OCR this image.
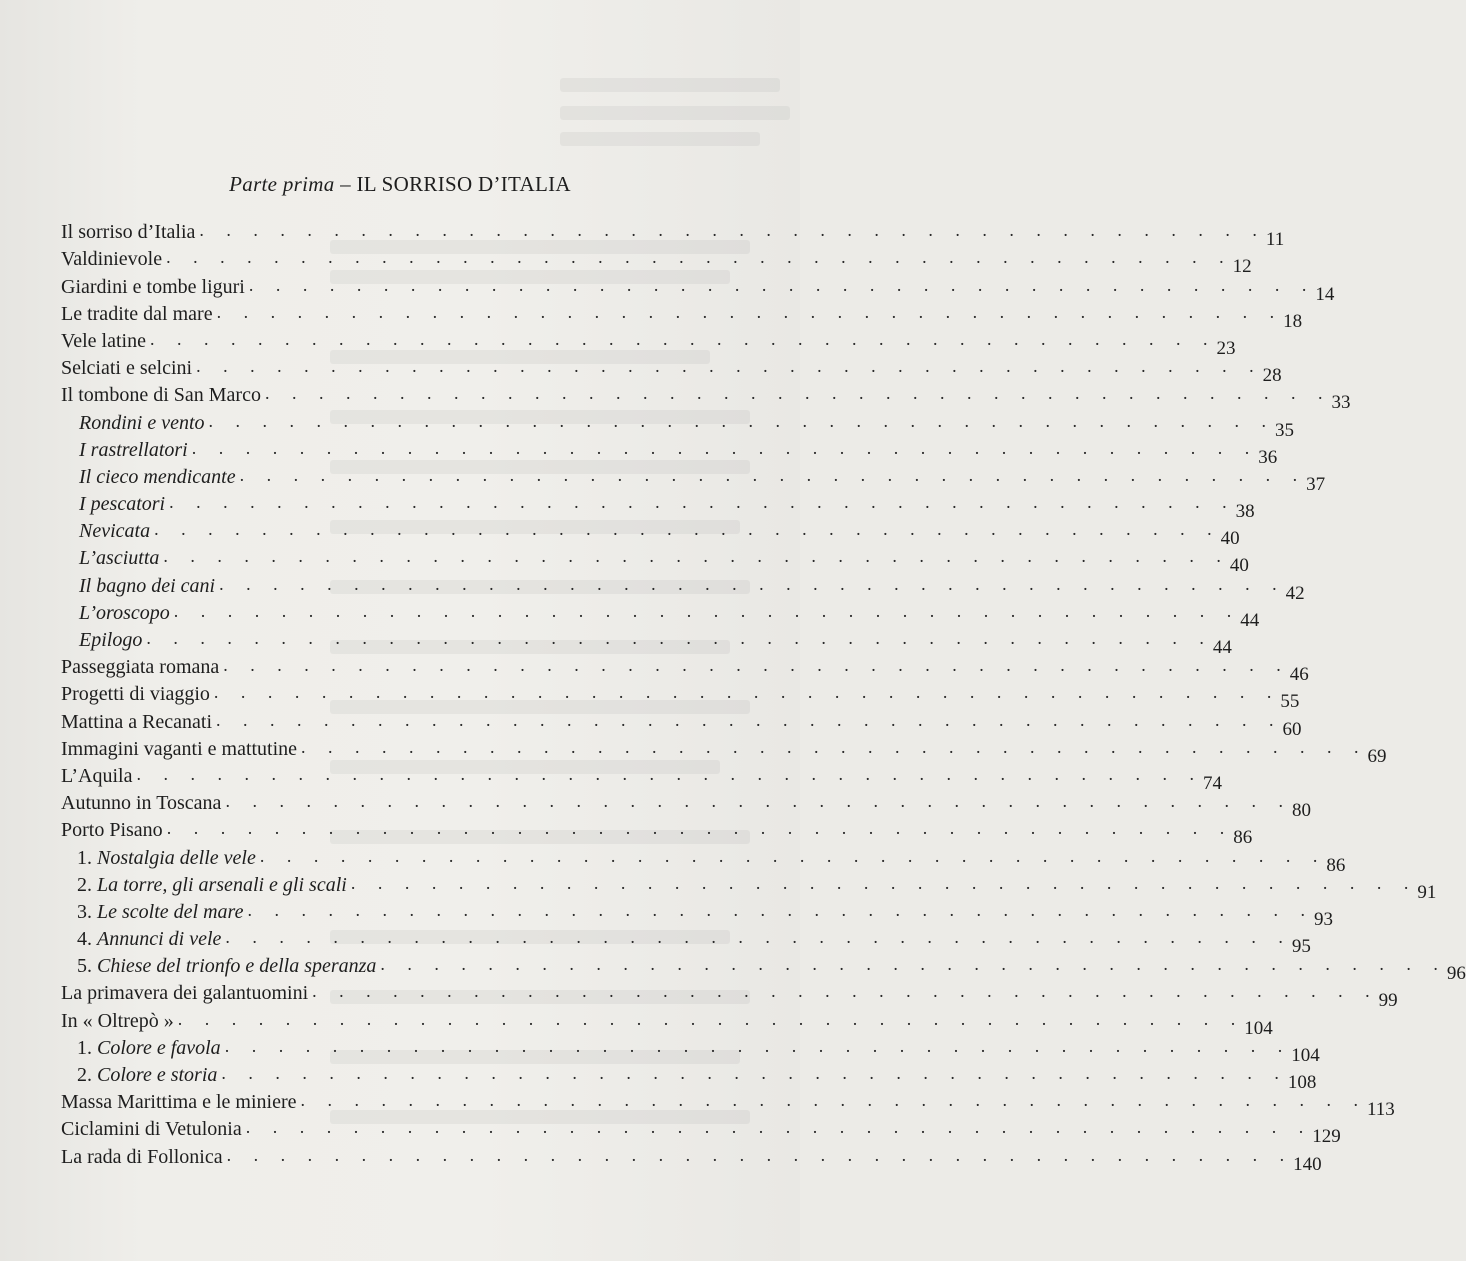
Parte prima – IL SORRISO D’ITALIA
Il sorriso d’Italia . . . . . . . . . . . . . . . . . . . . . . . . . . . . . . . . . . . . . . . . 11
Valdinievole . . . . . . . . . . . . . . . . . . . . . . . . . . . . . . . . . . . . . . . . 12
Giardini e tombe liguri . . . . . . . . . . . . . . . . . . . . . . . . . . . . . . . . . . . . . . . . 14
Le tradite dal mare . . . . . . . . . . . . . . . . . . . . . . . . . . . . . . . . . . . . . . . . 18
Vele latine . . . . . . . . . . . . . . . . . . . . . . . . . . . . . . . . . . . . . . . . 23
Selciati e selcini . . . . . . . . . . . . . . . . . . . . . . . . . . . . . . . . . . . . . . . . 28
Il tombone di San Marco . . . . . . . . . . . . . . . . . . . . . . . . . . . . . . . . . . . . . . . . 33
Rondini e vento . . . . . . . . . . . . . . . . . . . . . . . . . . . . . . . . . . . . . . . . 35
I rastrellatori . . . . . . . . . . . . . . . . . . . . . . . . . . . . . . . . . . . . . . . . 36
Il cieco mendicante . . . . . . . . . . . . . . . . . . . . . . . . . . . . . . . . . . . . . . . . 37
I pescatori . . . . . . . . . . . . . . . . . . . . . . . . . . . . . . . . . . . . . . . . 38
Nevicata . . . . . . . . . . . . . . . . . . . . . . . . . . . . . . . . . . . . . . . . 40
L’asciutta . . . . . . . . . . . . . . . . . . . . . . . . . . . . . . . . . . . . . . . . 40
Il bagno dei cani . . . . . . . . . . . . . . . . . . . . . . . . . . . . . . . . . . . . . . . . 42
L’oroscopo . . . . . . . . . . . . . . . . . . . . . . . . . . . . . . . . . . . . . . . . 44
Epilogo . . . . . . . . . . . . . . . . . . . . . . . . . . . . . . . . . . . . . . . . 44
Passeggiata romana . . . . . . . . . . . . . . . . . . . . . . . . . . . . . . . . . . . . . . . . 46
Progetti di viaggio . . . . . . . . . . . . . . . . . . . . . . . . . . . . . . . . . . . . . . . . 55
Mattina a Recanati . . . . . . . . . . . . . . . . . . . . . . . . . . . . . . . . . . . . . . . . 60
Immagini vaganti e mattutine . . . . . . . . . . . . . . . . . . . . . . . . . . . . . . . . . . . . . . . . 69
L’Aquila . . . . . . . . . . . . . . . . . . . . . . . . . . . . . . . . . . . . . . . . 74
Autunno in Toscana . . . . . . . . . . . . . . . . . . . . . . . . . . . . . . . . . . . . . . . . 80
Porto Pisano . . . . . . . . . . . . . . . . . . . . . . . . . . . . . . . . . . . . . . . . 86
1. Nostalgia delle vele . . . . . . . . . . . . . . . . . . . . . . . . . . . . . . . . . . . . . . . . 86
2. La torre, gli arsenali e gli scali . . . . . . . . . . . . . . . . . . . . . . . . . . . . . . . . . . . . . . . . 91
3. Le scolte del mare . . . . . . . . . . . . . . . . . . . . . . . . . . . . . . . . . . . . . . . . 93
4. Annunci di vele . . . . . . . . . . . . . . . . . . . . . . . . . . . . . . . . . . . . . . . . 95
5. Chiese del trionfo e della speranza . . . . . . . . . . . . . . . . . . . . . . . . . . . . . . . . . . . . . . . . 96
La primavera dei galantuomini . . . . . . . . . . . . . . . . . . . . . . . . . . . . . . . . . . . . . . . . 99
In « Oltrepò » . . . . . . . . . . . . . . . . . . . . . . . . . . . . . . . . . . . . . . . . 104
1. Colore e favola . . . . . . . . . . . . . . . . . . . . . . . . . . . . . . . . . . . . . . . . 104
2. Colore e storia . . . . . . . . . . . . . . . . . . . . . . . . . . . . . . . . . . . . . . . . 108
Massa Marittima e le miniere . . . . . . . . . . . . . . . . . . . . . . . . . . . . . . . . . . . . . . . . 113
Ciclamini di Vetulonia . . . . . . . . . . . . . . . . . . . . . . . . . . . . . . . . . . . . . . . . 129
La rada di Follonica . . . . . . . . . . . . . . . . . . . . . . . . . . . . . . . . . . . . . . . . 140
